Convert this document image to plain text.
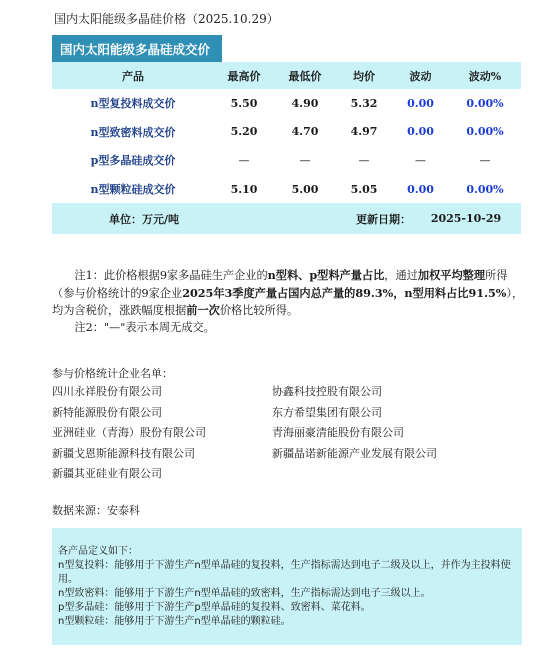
国内太阳能级多晶硅价格（2025.10.29）
国内太阳能级多晶硅成交价
产品	最高价	最低价	均价	波动	波动%
n型复投料成交价	5.50	4.90	5.32	0.00	0.00%
n型致密料成交价	5.20	4.70	4.97	0.00	0.00%
p型多晶硅成交价	—	—	—	—	—
n型颗粒硅成交价	5.10	5.00	5.05	0.00	0.00%
单位：万元/吨	更新日期：	2025-10-29

注1：此价格根据9家多晶硅生产企业的n型料、p型料产量占比，通过加权平均整理所得（参与价格统计的9家企业2025年3季度产量占国内总产量的89.3%，n型用料占比91.5%），均为含税价，涨跌幅度根据前一次价格比较所得。

注2："—"表示本周无成交。

参与价格统计企业名单：
四川永祥股份有限公司	协鑫科技控股有限公司
新特能源股份有限公司	东方希望集团有限公司
亚洲硅业（青海）股份有限公司	青海丽豪清能股份有限公司
新疆戈恩斯能源科技有限公司	新疆晶诺新能源产业发展有限公司
新疆其亚硅业有限公司
数据来源：安泰科
各产品定义如下：
n型复投料：能够用于下游生产n型单晶硅的复投料，生产指标需达到电子二级及以上，并作为主投料使用。
n型致密料：能够用于下游生产n型单晶硅的致密料，生产指标需达到电子三级以上。
p型多晶硅：能够用于下游生产p型单晶硅的复投料、致密料、菜花料。
n型颗粒硅：能够用于下游生产n型单晶硅的颗粒硅。
